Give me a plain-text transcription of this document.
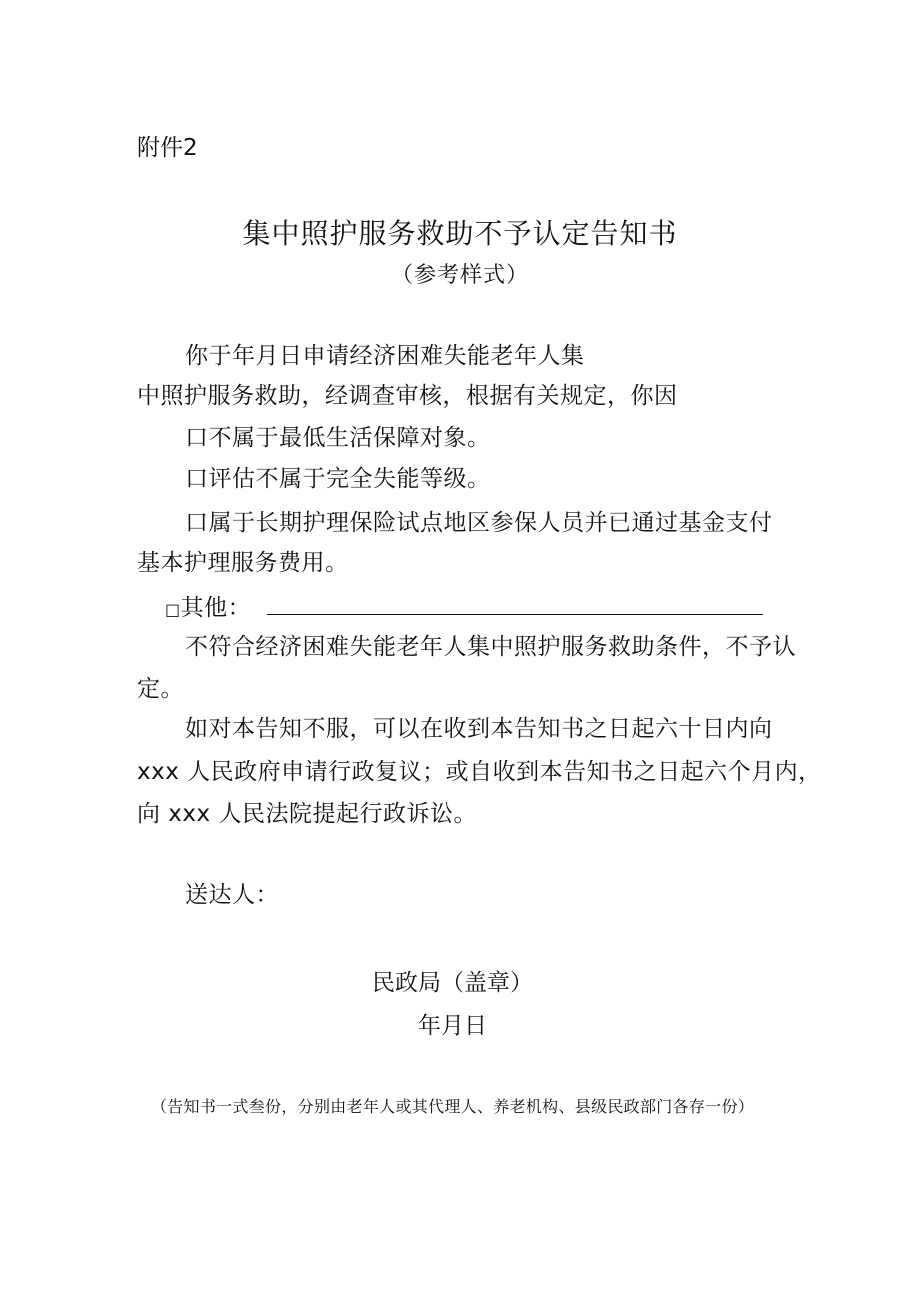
附件2
集中照护服务救助不予认定告知书
（参考样式）
你于年月日申请经济困难失能老年人集
中照护服务救助，经调查审核，根据有关规定，你因
口不属于最低生活保障对象。
口评估不属于完全失能等级。
口属于长期护理保险试点地区参保人员并已通过基金支付
基本护理服务费用。
□其他：
不符合经济困难失能老年人集中照护服务救助条件，不予认
定。
如对本告知不服，可以在收到本告知书之日起六十日内向
xxx 人民政府申请行政复议；或自收到本告知书之日起六个月内，
向 xxx 人民法院提起行政诉讼。
送达人：
民政局（盖章）
年月日
（告知书一式叁份，分别由老年人或其代理人、养老机构、县级民政部门各存一份）
